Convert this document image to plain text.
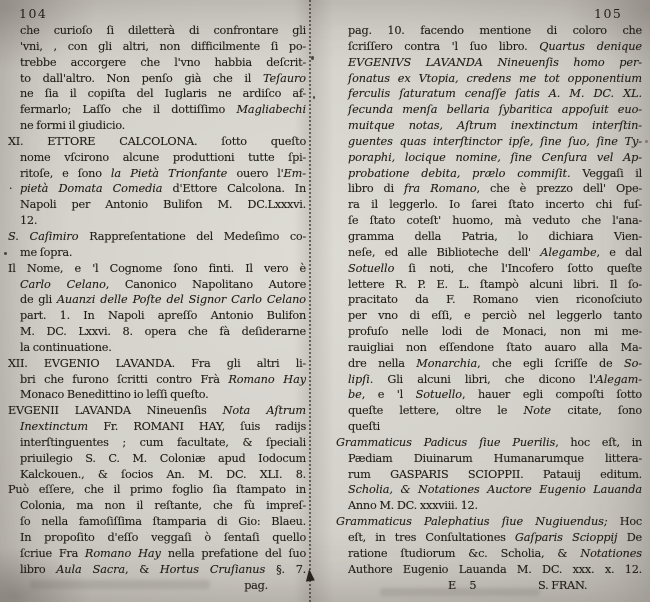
104	105
che curioſo ſi diletterà di confrontare gli
'vni, , con gli altri, non difficilmente ſi po-
trebbe accorgere che l'vno habbia deſcrit-
to dall'altro. Non penſo già che il Teſauro
ne ſia il copiſta del Iuglaris ne ardiſco af-
fermarlo; Laſſo che il dottiſſimo Magliabechi
ne formi il giudicio.
XI. ETTORE CALCOLONA. ſotto queſto
nome vſcirono alcune produttioni tutte ſpi-
ritoſe, e ſono la Pietà Trionfante ouero l'Em-
· pietà Domata Comedia d'Ettore Calcolona. In
Napoli per Antonio Bulifon M. DC.Lxxxvi.
12.
S. Caſimiro Rappreſentatione del Medeſimo co-
me ſopra.
Il Nome, e 'l Cognome ſono finti. Il vero è
Carlo Celano, Canonico Napolitano Autore
de gli Auanzi delle Poſte del Signor Carlo Celano
part. 1. In Napoli apreſſo Antonio Bulifon
M. DC. Lxxvi. 8. opera che fà deſiderarne
la continuatione.
XII. EVGENIO LAVANDA. Fra gli altri li-
bri che furono ſcritti contro Frà Romano Hay
Monaco Benedittino io leſſi queſto.
EVGENII LAVANDA Nineuenſis Nota Aſtrum
Inextinctum Fr. ROMANI HAY, ſuis radijs
interſtinguentes ; cum facultate, & ſpeciali
priuilegio S. C. M. Coloniæ apud Iodocum
Kalckouen., & ſocios An. M. DC. XLI. 8.
Può eſſere, che il primo foglio ſia ſtampato in
Colonia, ma non il reſtante, che fù impreſ-
ſo nella famoſiſſima ſtamparia di Gio: Blaeu.
In propoſito d'eſſo veggaſi ò ſentaſi quello
ſcriue Fra Romano Hay nella prefatione del ſuo
libro Aula Sacra, & Hortus Cruſianus §. 7.
pag.
pag. 10. facendo mentione di coloro che
ſcriſſero contra 'l ſuo libro. Quartus denique
EVGENIVS LAVANDA Nineuenſis homo per-
ſonatus ex Vtopia, credens me tot opponentium
ferculis ſaturatum cenaſſe ſatis A. M. DC. XL.
ſecunda menſa bellaria ſybaritica appoſuit euo-
muitque notas, Aſtrum inextinctum interſtin-
guentes quas interſtinctor ipſe, ſine ſuo, ſine Ty-
poraphi, locique nomine, ſine Cenſura vel Ap-
probatione debita, prælo commiſit. Veggaſi il
libro di fra Romano, che è prezzo dell' Ope-
ra il leggerlo. Io ſarei ſtato incerto chi fuſ-
ſe ſtato coteſt' huomo, mà veduto che l'ana-
gramma della Patria, lo dichiara Vien-
neſe, ed alle Biblioteche dell' Alegambe, e dal
Sotuello ſi noti, che l'Incofero ſotto queſte
lettere R. P. E. L. ſtampò alcuni libri. Il ſo-
pracitato da F. Romano vien riconoſciuto
per vno di eſſi, e perciò nel leggerlo tanto
profuſo nelle lodi de Monaci, non mi me-
rauigliai non eſſendone ſtato auaro alla Ma-
dre nella Monarchia, che egli ſcriſſe de So-
lipſi. Gli alcuni libri, che dicono l'Alegam-
be, e 'l Sotuello, hauer egli compoſti ſotto
queſte lettere, oltre le Note citate, ſono
queſti
Grammaticus Padicus ſiue Puerilis, hoc eſt, in
Pædiam Diuinarum Humanarumque littera-
rum GASPARIS SCIOPPII. Patauij editum.
Scholia, & Notationes Auctore Eugenio Lauanda
Anno M. DC. xxxviii. 12.
Grammaticus Palephatius ſiue Nugiuendus; Hoc
eſt, in tres Conſultationes Gaſparis Scioppij De
ratione ſtudiorum &c. Scholia, & Notationes
Authore Eugenio Lauanda M. DC. xxx. x. 12.
E 5	S. FRAN.
